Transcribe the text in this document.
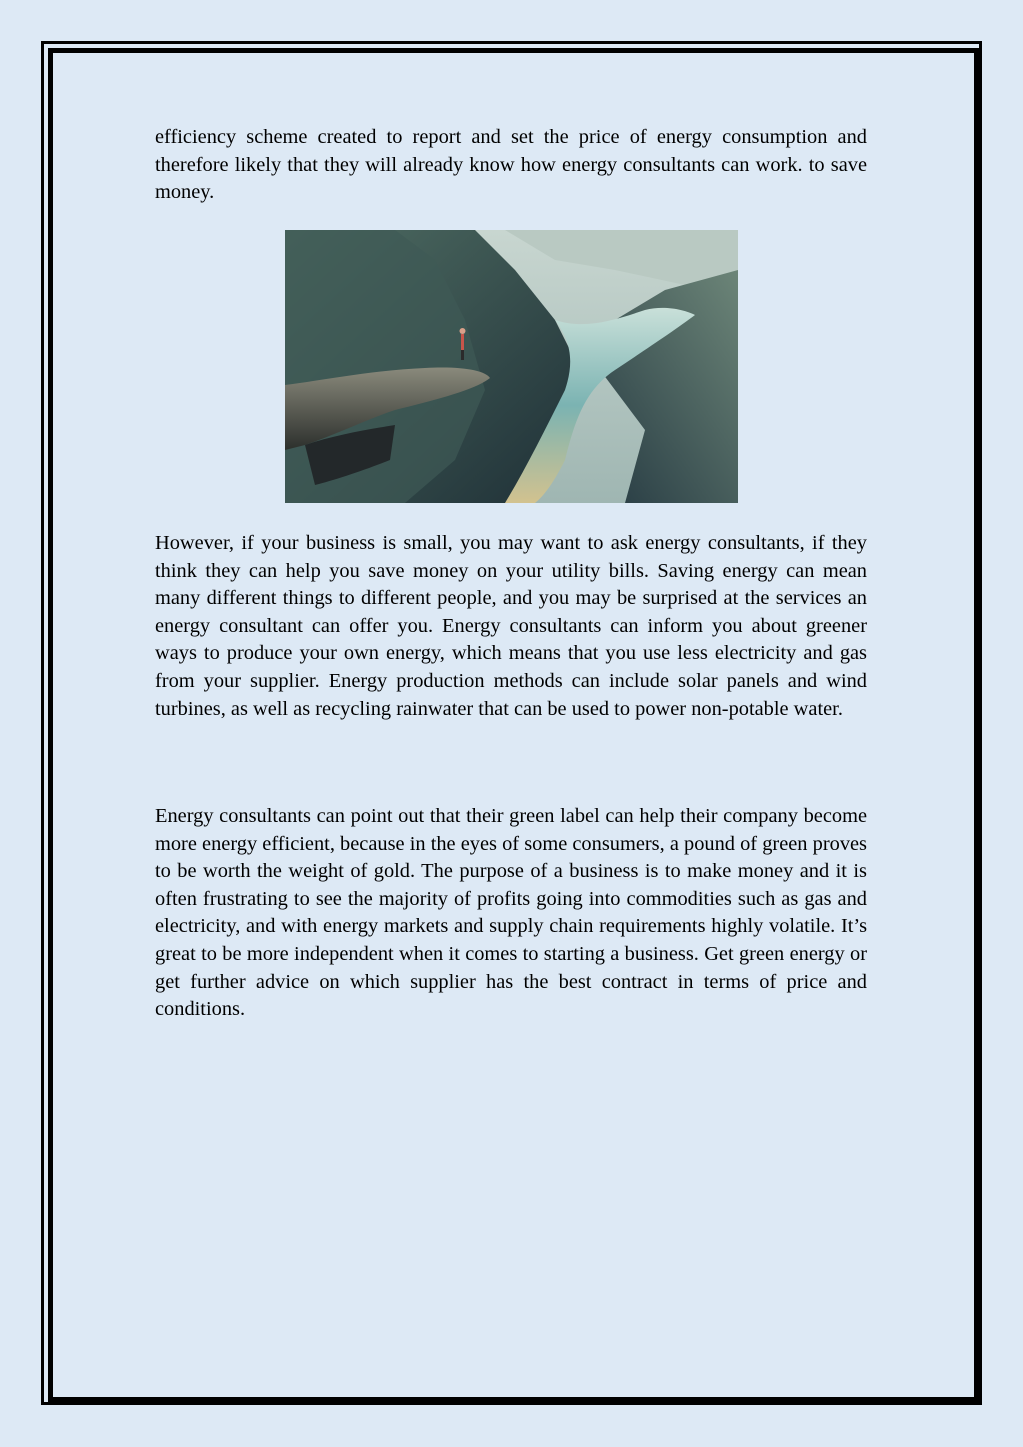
efficiency scheme created to report and set the price of energy consumption and therefore likely that they will already know how energy consultants can work. to save money.

However, if your business is small, you may want to ask energy consultants, if they think they can help you save money on your utility bills. Saving energy can mean many different things to different people, and you may be surprised at the services an energy consultant can offer you. Energy consultants can inform you about greener ways to produce your own energy, which means that you use less electricity and gas from your supplier. Energy production methods can include solar panels and wind turbines, as well as recycling rainwater that can be used to power non-potable water.

Energy consultants can point out that their green label can help their company become more energy efficient, because in the eyes of some consumers, a pound of green proves to be worth the weight of gold. The purpose of a business is to make money and it is often frustrating to see the majority of profits going into commodities such as gas and electricity, and with energy markets and supply chain requirements highly volatile. It’s great to be more independent when it comes to starting a business. Get green energy or get further advice on which supplier has the best contract in terms of price and conditions.
